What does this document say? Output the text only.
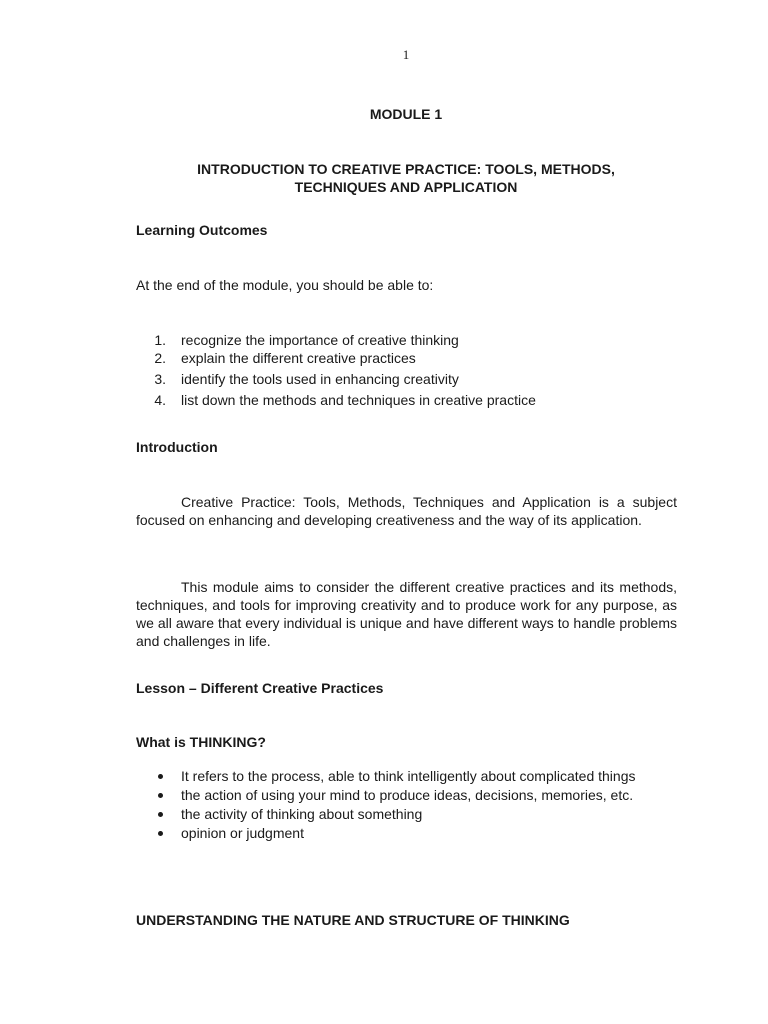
1
MODULE 1
INTRODUCTION TO CREATIVE PRACTICE: TOOLS, METHODS,
TECHNIQUES AND APPLICATION
Learning Outcomes
At the end of the module, you should be able to:
1.	recognize the importance of creative thinking
2.	explain the different creative practices
3.	identify the tools used in enhancing creativity
4.	list down the methods and techniques in creative practice
Introduction
Creative Practice: Tools, Methods, Techniques and Application is a subject focused on enhancing and developing creativeness and the way of its application.
This module aims to consider the different creative practices and its methods, techniques, and tools for improving creativity and to produce work for any purpose, as we all aware that every individual is unique and have different ways to handle problems and challenges in life.
Lesson – Different Creative Practices
What is THINKING?
It refers to the process, able to think intelligently about complicated things
the action of using your mind to produce ideas, decisions, memories, etc.
the activity of thinking about something
opinion or judgment
UNDERSTANDING THE NATURE AND STRUCTURE OF THINKING
